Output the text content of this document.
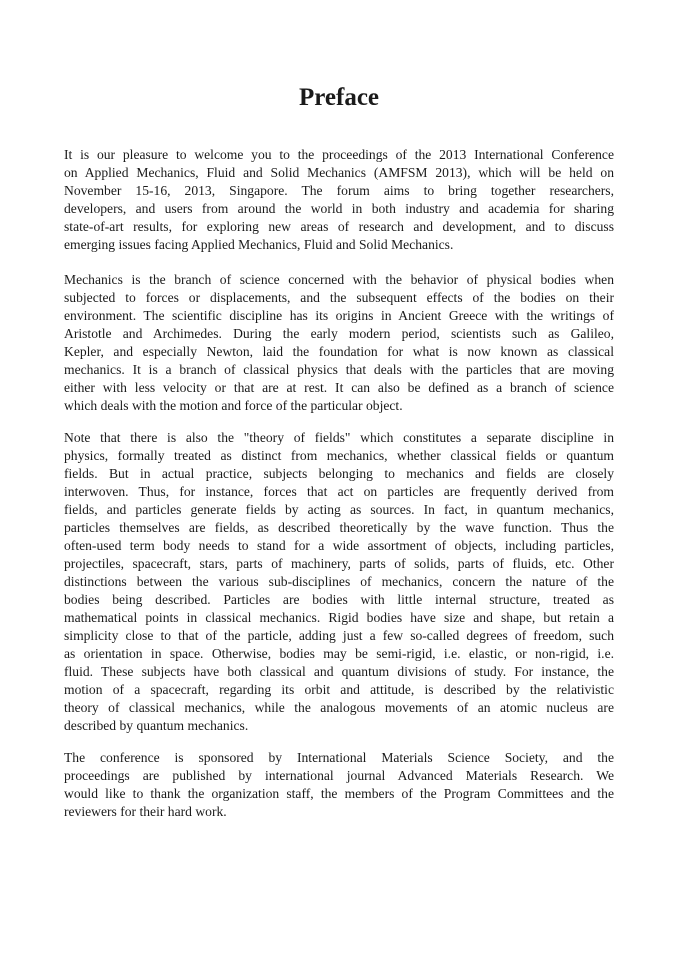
Preface
It is our pleasure to welcome you to the proceedings of the 2013 International Conference
on Applied Mechanics, Fluid and Solid Mechanics (AMFSM 2013), which will be held on
November 15-16, 2013, Singapore. The forum aims to bring together researchers,
developers, and users from around the world in both industry and academia for sharing
state-of-art results, for exploring new areas of research and development, and to discuss
emerging issues facing Applied Mechanics, Fluid and Solid Mechanics.
Mechanics is the branch of science concerned with the behavior of physical bodies when
subjected to forces or displacements, and the subsequent effects of the bodies on their
environment. The scientific discipline has its origins in Ancient Greece with the writings of
Aristotle and Archimedes. During the early modern period, scientists such as Galileo,
Kepler, and especially Newton, laid the foundation for what is now known as classical
mechanics. It is a branch of classical physics that deals with the particles that are moving
either with less velocity or that are at rest. It can also be defined as a branch of science
which deals with the motion and force of the particular object.
Note that there is also the "theory of fields" which constitutes a separate discipline in
physics, formally treated as distinct from mechanics, whether classical fields or quantum
fields. But in actual practice, subjects belonging to mechanics and fields are closely
interwoven. Thus, for instance, forces that act on particles are frequently derived from
fields, and particles generate fields by acting as sources. In fact, in quantum mechanics,
particles themselves are fields, as described theoretically by the wave function. Thus the
often-used term body needs to stand for a wide assortment of objects, including particles,
projectiles, spacecraft, stars, parts of machinery, parts of solids, parts of fluids, etc. Other
distinctions between the various sub-disciplines of mechanics, concern the nature of the
bodies being described. Particles are bodies with little internal structure, treated as
mathematical points in classical mechanics. Rigid bodies have size and shape, but retain a
simplicity close to that of the particle, adding just a few so-called degrees of freedom, such
as orientation in space. Otherwise, bodies may be semi-rigid, i.e. elastic, or non-rigid, i.e.
fluid. These subjects have both classical and quantum divisions of study. For instance, the
motion of a spacecraft, regarding its orbit and attitude, is described by the relativistic
theory of classical mechanics, while the analogous movements of an atomic nucleus are
described by quantum mechanics.
The conference is sponsored by International Materials Science Society, and the
proceedings are published by international journal Advanced Materials Research. We
would like to thank the organization staff, the members of the Program Committees and the
reviewers for their hard work.
